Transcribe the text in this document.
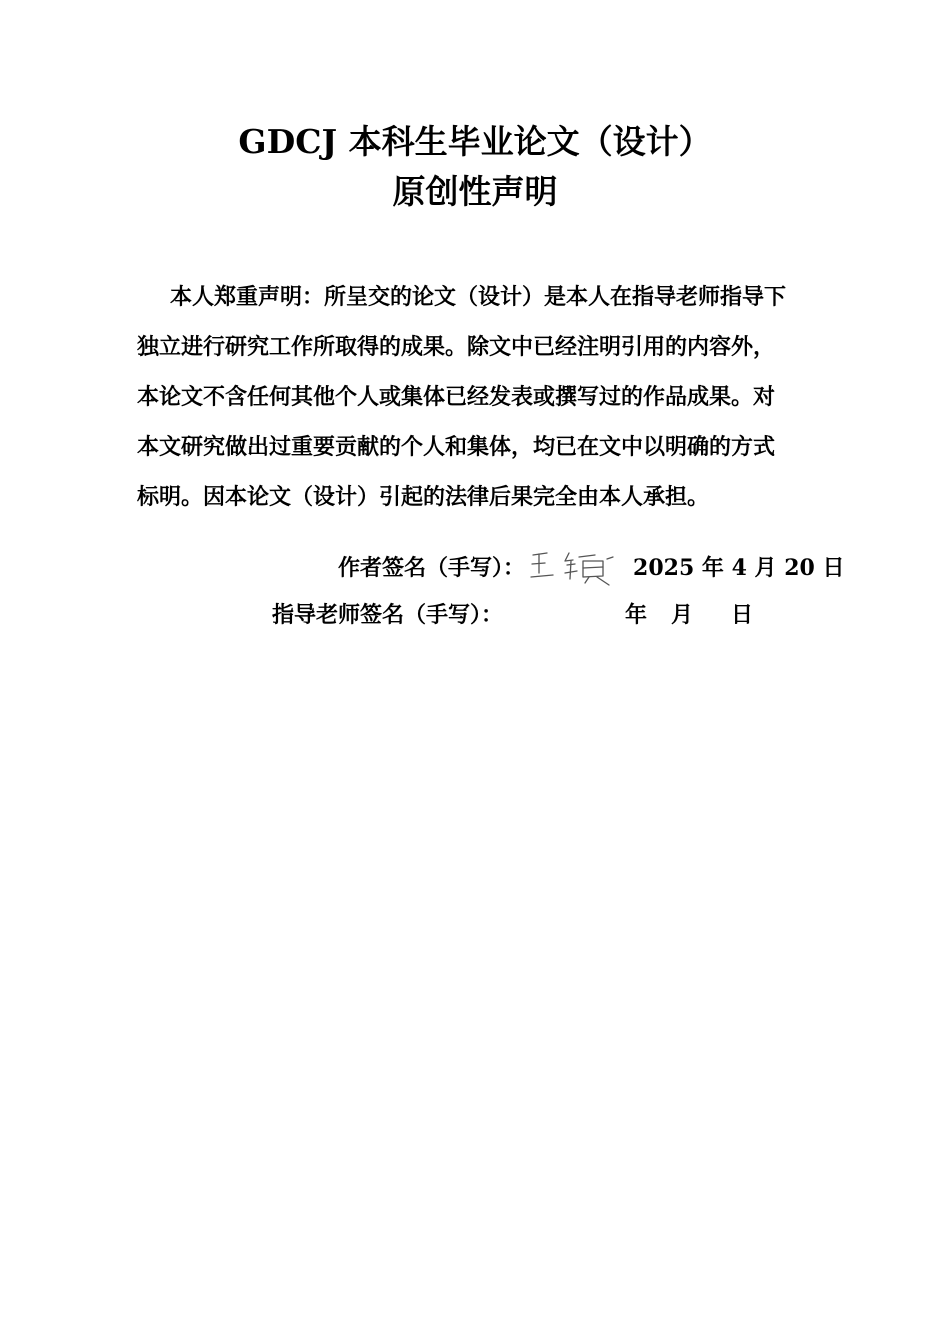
GDCJ 本科生毕业论文（设计）
原创性声明
本人郑重声明：所呈交的论文（设计）是本人在指导老师指导下
独立进行研究工作所取得的成果。除文中已经注明引用的内容外，
本论文不含任何其他个人或集体已经发表或撰写过的作品成果。对
本文研究做出过重要贡献的个人和集体，均已在文中以明确的方式
标明。因本论文（设计）引起的法律后果完全由本人承担。
作者签名（手写）：	2025 年 4 月 20 日
指导老师签名（手写）：	年 月 日
